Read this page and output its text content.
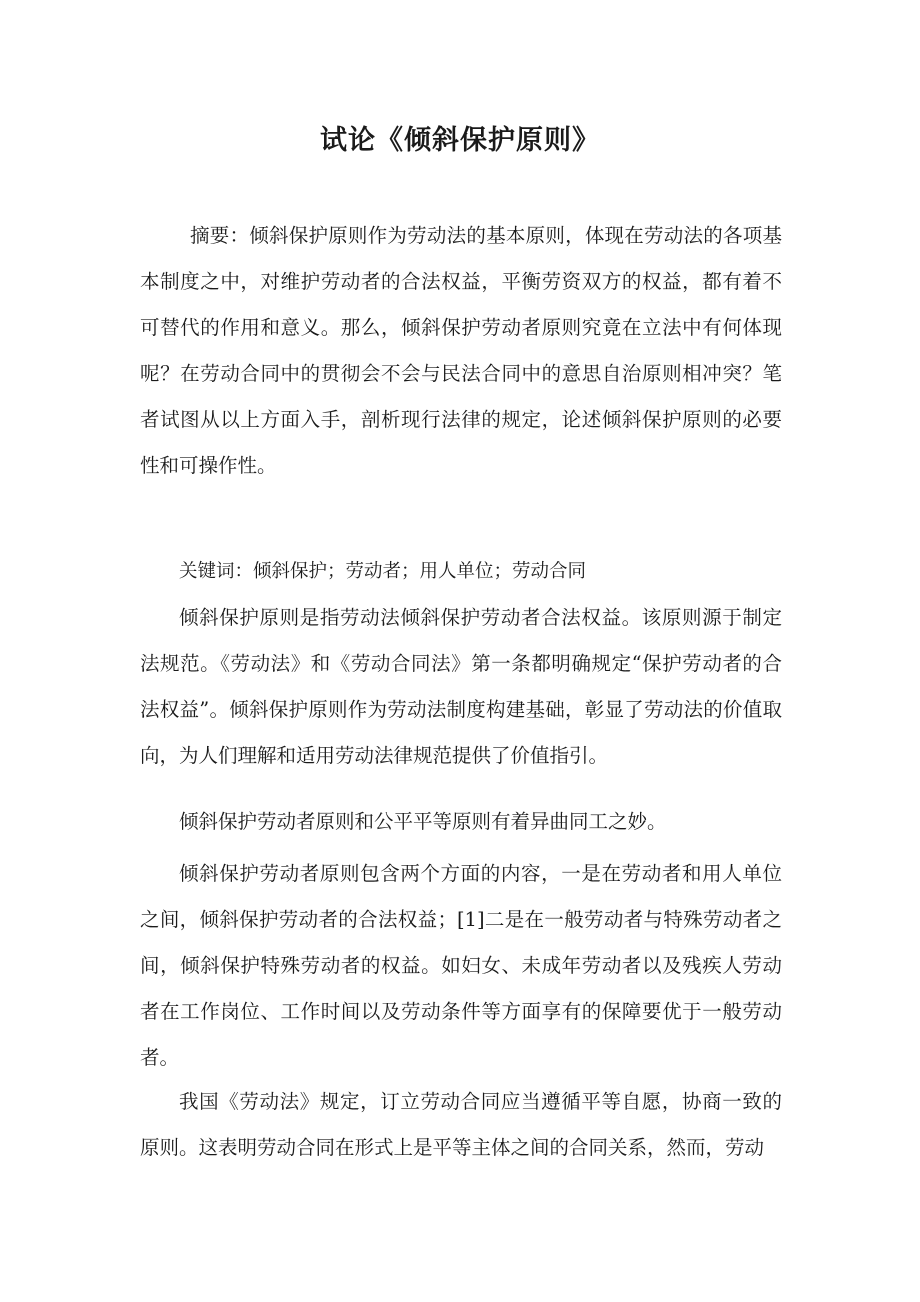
试论《倾斜保护原则》

摘要：倾斜保护原则作为劳动法的基本原则，体现在劳动法的各项基本制度之中，对维护劳动者的合法权益，平衡劳资双方的权益，都有着不可替代的作用和意义。那么，倾斜保护劳动者原则究竟在立法中有何体现呢？在劳动合同中的贯彻会不会与民法合同中的意思自治原则相冲突？笔者试图从以上方面入手，剖析现行法律的规定，论述倾斜保护原则的必要性和可操作性。

关键词：倾斜保护；劳动者；用人单位；劳动合同

倾斜保护原则是指劳动法倾斜保护劳动者合法权益。该原则源于制定法规范。《劳动法》和《劳动合同法》第一条都明确规定“保护劳动者的合法权益”。倾斜保护原则作为劳动法制度构建基础，彰显了劳动法的价值取向，为人们理解和适用劳动法律规范提供了价值指引。

倾斜保护劳动者原则和公平平等原则有着异曲同工之妙。

倾斜保护劳动者原则包含两个方面的内容，一是在劳动者和用人单位之间，倾斜保护劳动者的合法权益；[1]二是在一般劳动者与特殊劳动者之间，倾斜保护特殊劳动者的权益。如妇女、未成年劳动者以及残疾人劳动者在工作岗位、工作时间以及劳动条件等方面享有的保障要优于一般劳动者。

我国《劳动法》规定，订立劳动合同应当遵循平等自愿，协商一致的原则。这表明劳动合同在形式上是平等主体之间的合同关系，然而，劳动
